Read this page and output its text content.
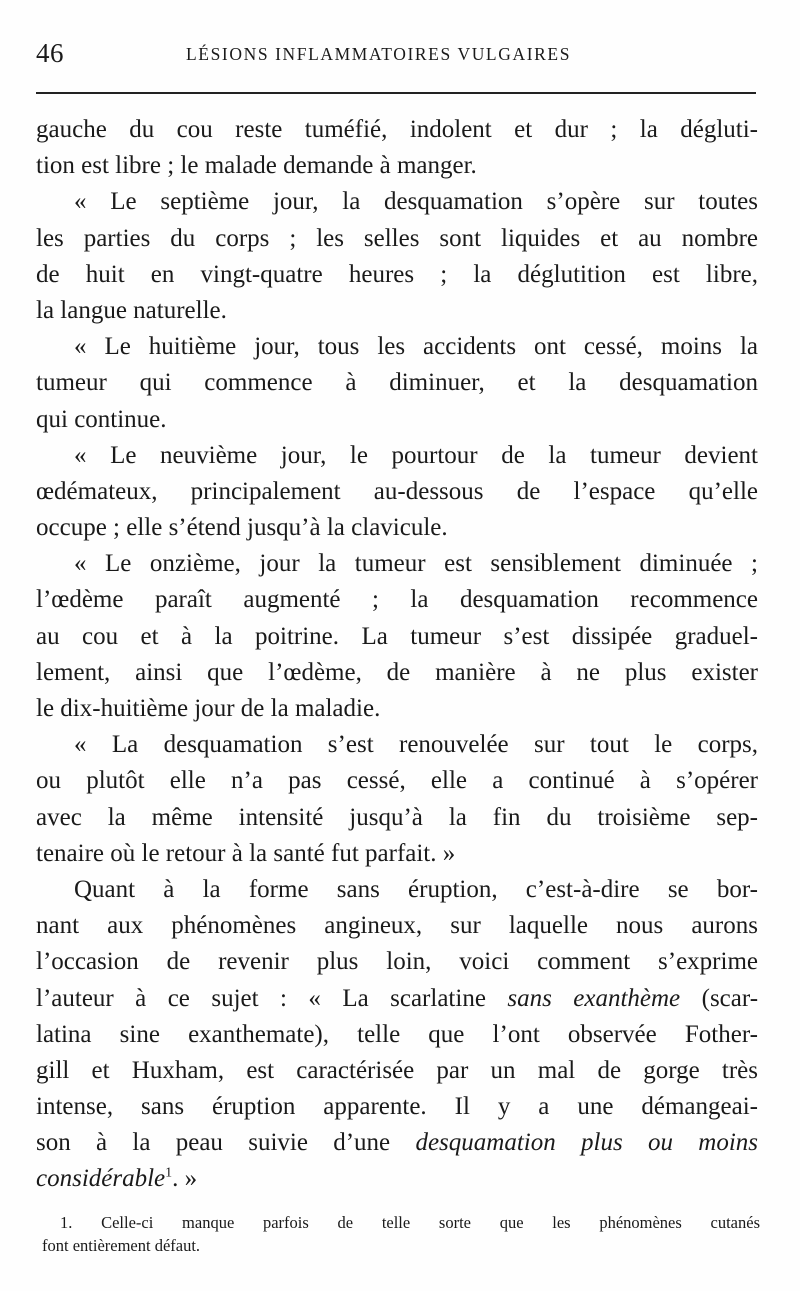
46	LÉSIONS INFLAMMATOIRES VULGAIRES
gauche du cou reste tuméfié, indolent et dur ; la dégluti-
tion est libre ; le malade demande à manger.
« Le septième jour, la desquamation s’opère sur toutes
les parties du corps ; les selles sont liquides et au nombre
de huit en vingt-quatre heures ; la déglutition est libre,
la langue naturelle.
« Le huitième jour, tous les accidents ont cessé, moins la
tumeur qui commence à diminuer, et la desquamation
qui continue.
« Le neuvième jour, le pourtour de la tumeur devient
œdémateux, principalement au-dessous de l’espace qu’elle
occupe ; elle s’étend jusqu’à la clavicule.
« Le onzième, jour la tumeur est sensiblement diminuée ;
l’œdème paraît augmenté ; la desquamation recommence
au cou et à la poitrine. La tumeur s’est dissipée graduel-
lement, ainsi que l’œdème, de manière à ne plus exister
le dix-huitième jour de la maladie.
« La desquamation s’est renouvelée sur tout le corps,
ou plutôt elle n’a pas cessé, elle a continué à s’opérer
avec la même intensité jusqu’à la fin du troisième sep-
tenaire où le retour à la santé fut parfait. »
Quant à la forme sans éruption, c’est-à-dire se bor-
nant aux phénomènes angineux, sur laquelle nous aurons
l’occasion de revenir plus loin, voici comment s’exprime
l’auteur à ce sujet : « La scarlatine sans exanthème (scar-
latina sine exanthemate), telle que l’ont observée Fother-
gill et Huxham, est caractérisée par un mal de gorge très
intense, sans éruption apparente. Il y a une démangeai-
son à la peau suivie d’une desquamation plus ou moins
considérable$^1$. »
1. Celle-ci manque parfois de telle sorte que les phénomènes cutanés
font entièrement défaut.
